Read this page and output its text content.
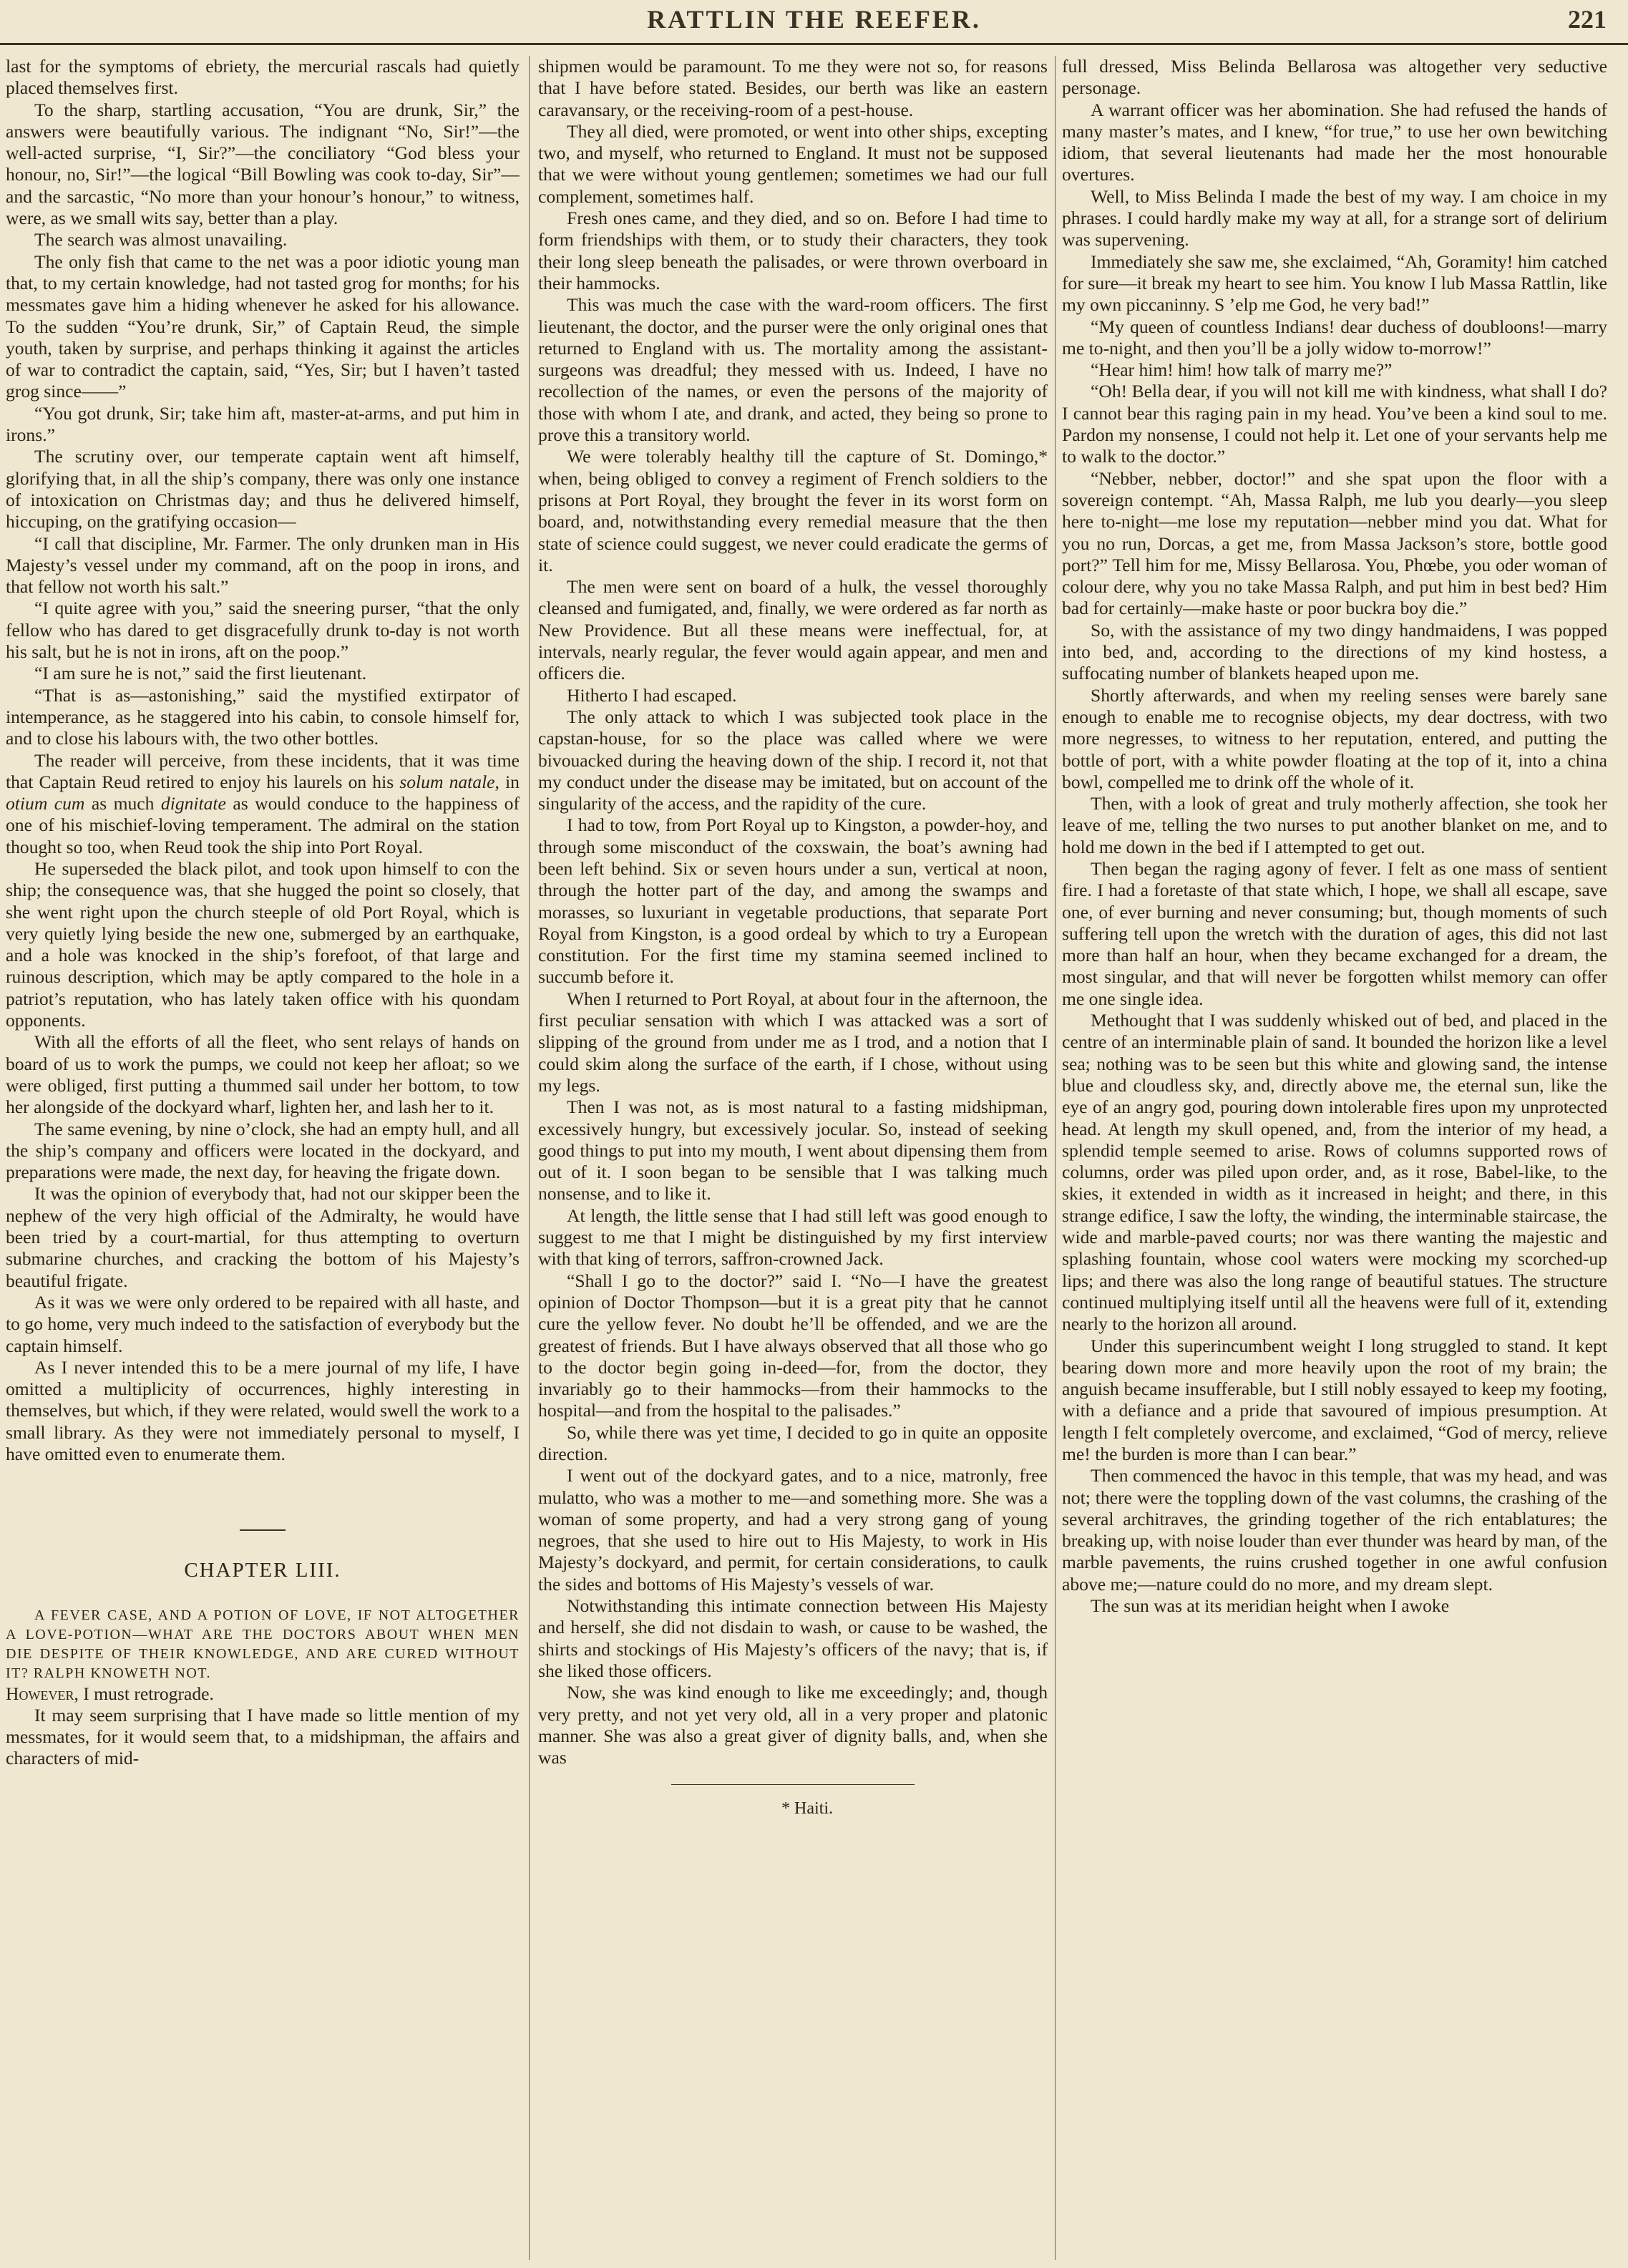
RATTLIN THE REEFER.	221

last for the symptoms of ebriety, the mercurial rascals had quietly placed themselves first.

To the sharp, startling accusation, “You are drunk, Sir,” the answers were beautifully various. The indignant “No, Sir!”—the well-acted surprise, “I, Sir?”—the conciliatory “God bless your honour, no, Sir!”—the logical “Bill Bowling was cook to-day, Sir”—and the sarcastic, “No more than your honour’s honour,” to witness, were, as we small wits say, better than a play.

The search was almost unavailing.

The only fish that came to the net was a poor idiotic young man that, to my certain knowledge, had not tasted grog for months; for his messmates gave him a hiding whenever he asked for his allowance. To the sudden “You’re drunk, Sir,” of Captain Reud, the simple youth, taken by surprise, and perhaps thinking it against the articles of war to contradict the captain, said, “Yes, Sir; but I haven’t tasted grog since——”

“You got drunk, Sir; take him aft, master-at-arms, and put him in irons.”

The scrutiny over, our temperate captain went aft himself, glorifying that, in all the ship’s company, there was only one instance of intoxication on Christmas day; and thus he delivered himself, hiccuping, on the gratifying occasion—

“I call that discipline, Mr. Farmer. The only drunken man in His Majesty’s vessel under my command, aft on the poop in irons, and that fellow not worth his salt.”

“I quite agree with you,” said the sneering purser, “that the only fellow who has dared to get disgracefully drunk to-day is not worth his salt, but he is not in irons, aft on the poop.”

“I am sure he is not,” said the first lieutenant.

“That is as—astonishing,” said the mystified extirpator of intemperance, as he staggered into his cabin, to console himself for, and to close his labours with, the two other bottles.

The reader will perceive, from these incidents, that it was time that Captain Reud retired to enjoy his laurels on his solum natale, in otium cum as much dignitate as would conduce to the happiness of one of his mischief-loving temperament. The admiral on the station thought so too, when Reud took the ship into Port Royal.

He superseded the black pilot, and took upon himself to con the ship; the consequence was, that she hugged the point so closely, that she went right upon the church steeple of old Port Royal, which is very quietly lying beside the new one, submerged by an earthquake, and a hole was knocked in the ship’s forefoot, of that large and ruinous description, which may be aptly compared to the hole in a patriot’s reputation, who has lately taken office with his quondam opponents.

With all the efforts of all the fleet, who sent relays of hands on board of us to work the pumps, we could not keep her afloat; so we were obliged, first putting a thummed sail under her bottom, to tow her alongside of the dockyard wharf, lighten her, and lash her to it.

The same evening, by nine o’clock, she had an empty hull, and all the ship’s company and officers were located in the dockyard, and preparations were made, the next day, for heaving the frigate down.

It was the opinion of everybody that, had not our skipper been the nephew of the very high official of the Admiralty, he would have been tried by a court-martial, for thus attempting to overturn submarine churches, and cracking the bottom of his Majesty’s beautiful frigate.

As it was we were only ordered to be repaired with all haste, and to go home, very much indeed to the satisfaction of everybody but the captain himself.

As I never intended this to be a mere journal of my life, I have omitted a multiplicity of occurrences, highly interesting in themselves, but which, if they were related, would swell the work to a small library. As they were not immediately personal to myself, I have omitted even to enumerate them.

CHAPTER LIII.

A FEVER CASE, AND A POTION OF LOVE, IF NOT ALTOGETHER A LOVE-POTION—WHAT ARE THE DOCTORS ABOUT WHEN MEN DIE DESPITE OF THEIR KNOWLEDGE, AND ARE CURED WITHOUT IT? RALPH KNOWETH NOT.

However, I must retrograde.

It may seem surprising that I have made so little mention of my messmates, for it would seem that, to a midshipman, the affairs and characters of mid-

shipmen would be paramount. To me they were not so, for reasons that I have before stated. Besides, our berth was like an eastern caravansary, or the receiving-room of a pest-house.

They all died, were promoted, or went into other ships, excepting two, and myself, who returned to England. It must not be supposed that we were without young gentlemen; sometimes we had our full complement, sometimes half.

Fresh ones came, and they died, and so on. Before I had time to form friendships with them, or to study their characters, they took their long sleep beneath the palisades, or were thrown overboard in their hammocks.

This was much the case with the ward-room officers. The first lieutenant, the doctor, and the purser were the only original ones that returned to England with us. The mortality among the assistant-surgeons was dreadful; they messed with us. Indeed, I have no recollection of the names, or even the persons of the majority of those with whom I ate, and drank, and acted, they being so prone to prove this a transitory world.

We were tolerably healthy till the capture of St. Domingo,* when, being obliged to convey a regiment of French soldiers to the prisons at Port Royal, they brought the fever in its worst form on board, and, notwithstanding every remedial measure that the then state of science could suggest, we never could eradicate the germs of it.

The men were sent on board of a hulk, the vessel thoroughly cleansed and fumigated, and, finally, we were ordered as far north as New Providence. But all these means were ineffectual, for, at intervals, nearly regular, the fever would again appear, and men and officers die.

Hitherto I had escaped.

The only attack to which I was subjected took place in the capstan-house, for so the place was called where we were bivouacked during the heaving down of the ship. I record it, not that my conduct under the disease may be imitated, but on account of the singularity of the access, and the rapidity of the cure.

I had to tow, from Port Royal up to Kingston, a powder-hoy, and through some misconduct of the coxswain, the boat’s awning had been left behind. Six or seven hours under a sun, vertical at noon, through the hotter part of the day, and among the swamps and morasses, so luxuriant in vegetable productions, that separate Port Royal from Kingston, is a good ordeal by which to try a European constitution. For the first time my stamina seemed inclined to succumb before it.

When I returned to Port Royal, at about four in the afternoon, the first peculiar sensation with which I was attacked was a sort of slipping of the ground from under me as I trod, and a notion that I could skim along the surface of the earth, if I chose, without using my legs.

Then I was not, as is most natural to a fasting midshipman, excessively hungry, but excessively jocular. So, instead of seeking good things to put into my mouth, I went about dipensing them from out of it. I soon began to be sensible that I was talking much nonsense, and to like it.

At length, the little sense that I had still left was good enough to suggest to me that I might be distinguished by my first interview with that king of terrors, saffron-crowned Jack.

“Shall I go to the doctor?” said I. “No—I have the greatest opinion of Doctor Thompson—but it is a great pity that he cannot cure the yellow fever. No doubt he’ll be offended, and we are the greatest of friends. But I have always observed that all those who go to the doctor begin going in-deed—for, from the doctor, they invariably go to their hammocks—from their hammocks to the hospital—and from the hospital to the palisades.”

So, while there was yet time, I decided to go in quite an opposite direction.

I went out of the dockyard gates, and to a nice, matronly, free mulatto, who was a mother to me—and something more. She was a woman of some property, and had a very strong gang of young negroes, that she used to hire out to His Majesty, to work in His Majesty’s dockyard, and permit, for certain considerations, to caulk the sides and bottoms of His Majesty’s vessels of war.

Notwithstanding this intimate connection between His Majesty and herself, she did not disdain to wash, or cause to be washed, the shirts and stockings of His Majesty’s officers of the navy; that is, if she liked those officers.

Now, she was kind enough to like me exceedingly; and, though very pretty, and not yet very old, all in a very proper and platonic manner. She was also a great giver of dignity balls, and, when she was

* Haiti.

full dressed, Miss Belinda Bellarosa was altogether very seductive personage.

A warrant officer was her abomination. She had refused the hands of many master’s mates, and I knew, “for true,” to use her own bewitching idiom, that several lieutenants had made her the most honourable overtures.

Well, to Miss Belinda I made the best of my way. I am choice in my phrases. I could hardly make my way at all, for a strange sort of delirium was supervening.

Immediately she saw me, she exclaimed, “Ah, Goramity! him catched for sure—it break my heart to see him. You know I lub Massa Rattlin, like my own piccaninny. S ’elp me God, he very bad!”

“My queen of countless Indians! dear duchess of doubloons!—marry me to-night, and then you’ll be a jolly widow to-morrow!”

“Hear him! him! how talk of marry me?”

“Oh! Bella dear, if you will not kill me with kindness, what shall I do? I cannot bear this raging pain in my head. You’ve been a kind soul to me. Pardon my nonsense, I could not help it. Let one of your servants help me to walk to the doctor.”

“Nebber, nebber, doctor!” and she spat upon the floor with a sovereign contempt. “Ah, Massa Ralph, me lub you dearly—you sleep here to-night—me lose my reputation—nebber mind you dat. What for you no run, Dorcas, a get me, from Massa Jackson’s store, bottle good port?” Tell him for me, Missy Bellarosa. You, Phœbe, you oder woman of colour dere, why you no take Massa Ralph, and put him in best bed? Him bad for certainly—make haste or poor buckra boy die.”

So, with the assistance of my two dingy handmaidens, I was popped into bed, and, according to the directions of my kind hostess, a suffocating number of blankets heaped upon me.

Shortly afterwards, and when my reeling senses were barely sane enough to enable me to recognise objects, my dear doctress, with two more negresses, to witness to her reputation, entered, and putting the bottle of port, with a white powder floating at the top of it, into a china bowl, compelled me to drink off the whole of it.

Then, with a look of great and truly motherly affection, she took her leave of me, telling the two nurses to put another blanket on me, and to hold me down in the bed if I attempted to get out.

Then began the raging agony of fever. I felt as one mass of sentient fire. I had a foretaste of that state which, I hope, we shall all escape, save one, of ever burning and never consuming; but, though moments of such suffering tell upon the wretch with the duration of ages, this did not last more than half an hour, when they became exchanged for a dream, the most singular, and that will never be forgotten whilst memory can offer me one single idea.

Methought that I was suddenly whisked out of bed, and placed in the centre of an interminable plain of sand. It bounded the horizon like a level sea; nothing was to be seen but this white and glowing sand, the intense blue and cloudless sky, and, directly above me, the eternal sun, like the eye of an angry god, pouring down intolerable fires upon my unprotected head. At length my skull opened, and, from the interior of my head, a splendid temple seemed to arise. Rows of columns supported rows of columns, order was piled upon order, and, as it rose, Babel-like, to the skies, it extended in width as it increased in height; and there, in this strange edifice, I saw the lofty, the winding, the interminable staircase, the wide and marble-paved courts; nor was there wanting the majestic and splashing fountain, whose cool waters were mocking my scorched-up lips; and there was also the long range of beautiful statues. The structure continued multiplying itself until all the heavens were full of it, extending nearly to the horizon all around.

Under this superincumbent weight I long struggled to stand. It kept bearing down more and more heavily upon the root of my brain; the anguish became insufferable, but I still nobly essayed to keep my footing, with a defiance and a pride that savoured of impious presumption. At length I felt completely overcome, and exclaimed, “God of mercy, relieve me! the burden is more than I can bear.”

Then commenced the havoc in this temple, that was my head, and was not; there were the toppling down of the vast columns, the crashing of the several architraves, the grinding together of the rich entablatures; the breaking up, with noise louder than ever thunder was heard by man, of the marble pavements, the ruins crushed together in one awful confusion above me;—nature could do no more, and my dream slept.

The sun was at its meridian height when I awoke
